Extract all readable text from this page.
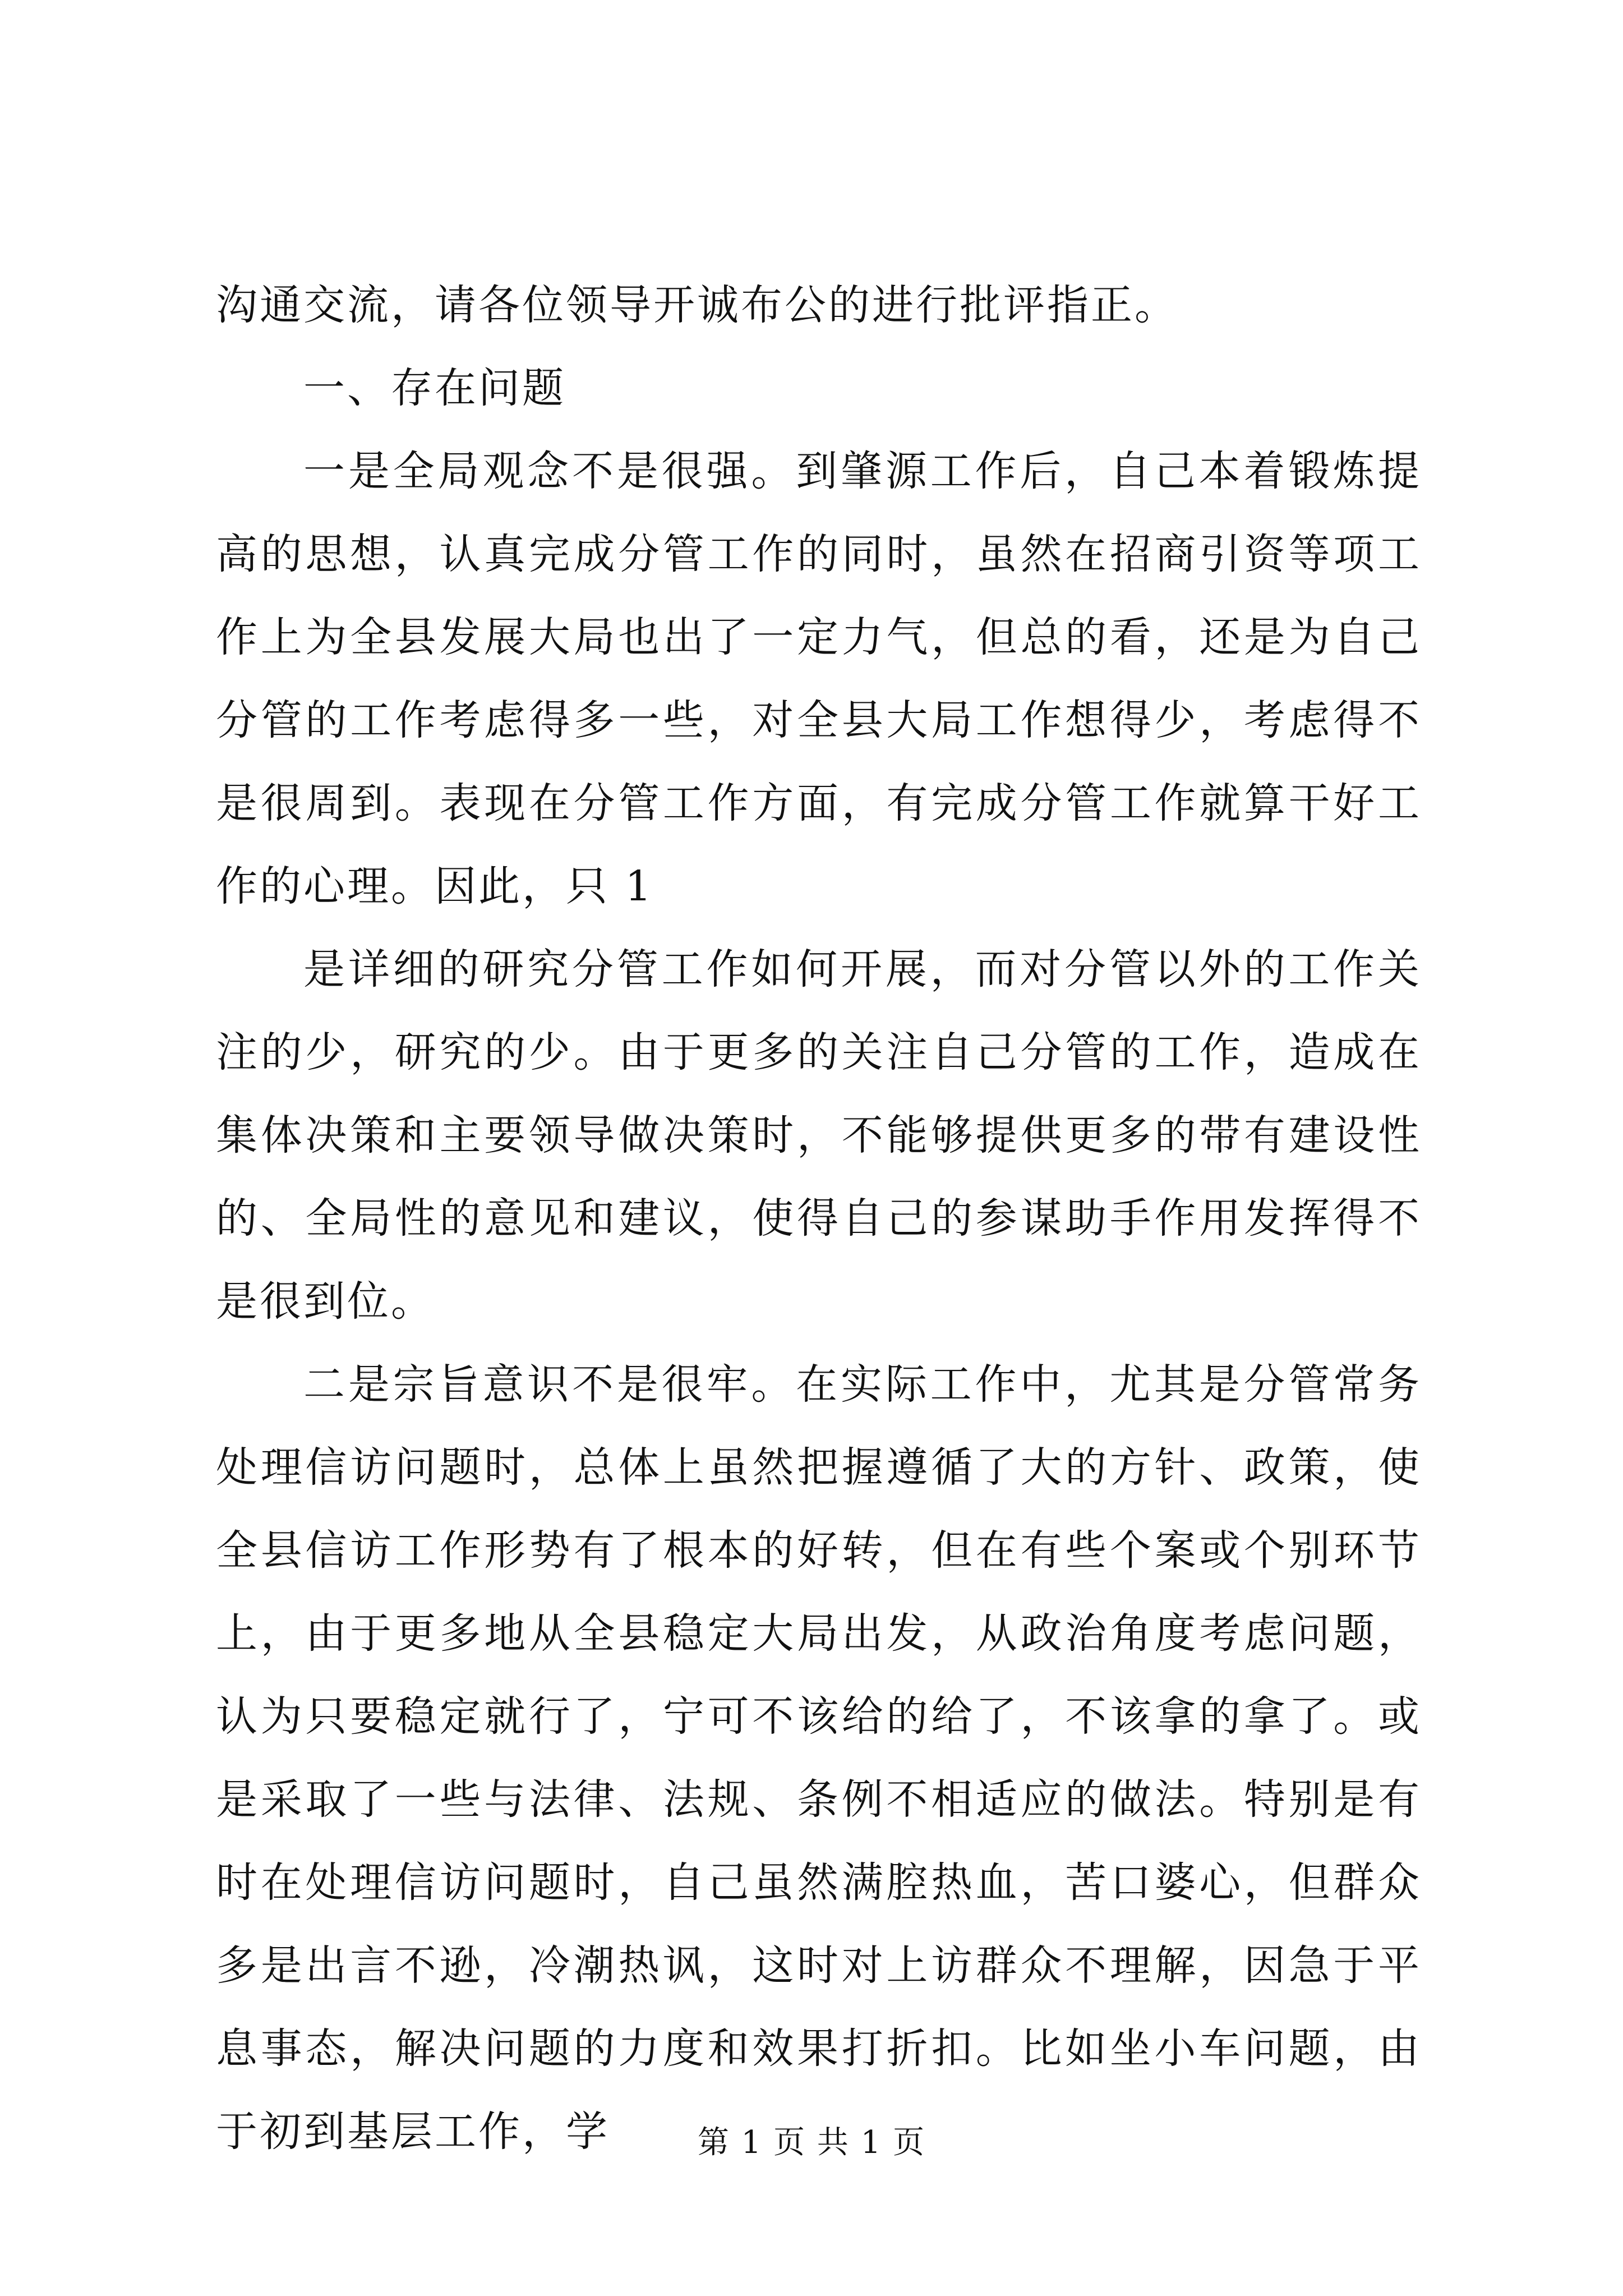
沟通交流，请各位领导开诚布公的进行批评指正。

一、存在问题

一是全局观念不是很强。到肇源工作后，自己本着锻炼提高的思想，认真完成分管工作的同时，虽然在招商引资等项工作上为全县发展大局也出了一定力气，但总的看，还是为自己分管的工作考虑得多一些，对全县大局工作想得少，考虑得不是很周到。表现在分管工作方面，有完成分管工作就算干好工作的心理。因此，只 1

是详细的研究分管工作如何开展，而对分管以外的工作关注的少，研究的少。由于更多的关注自己分管的工作，造成在集体决策和主要领导做决策时，不能够提供更多的带有建设性的、全局性的意见和建议，使得自己的参谋助手作用发挥得不是很到位。

二是宗旨意识不是很牢。在实际工作中，尤其是分管常务处理信访问题时，总体上虽然把握遵循了大的方针、政策，使全县信访工作形势有了根本的好转，但在有些个案或个别环节上，由于更多地从全县稳定大局出发，从政治角度考虑问题，认为只要稳定就行了，宁可不该给的给了，不该拿的拿了。或是采取了一些与法律、法规、条例不相适应的做法。特别是有时在处理信访问题时，自己虽然满腔热血，苦口婆心，但群众多是出言不逊，冷潮热讽，这时对上访群众不理解，因急于平息事态，解决问题的力度和效果打折扣。比如坐小车问题，由于初到基层工作，学	第 1 页 共 1 页
